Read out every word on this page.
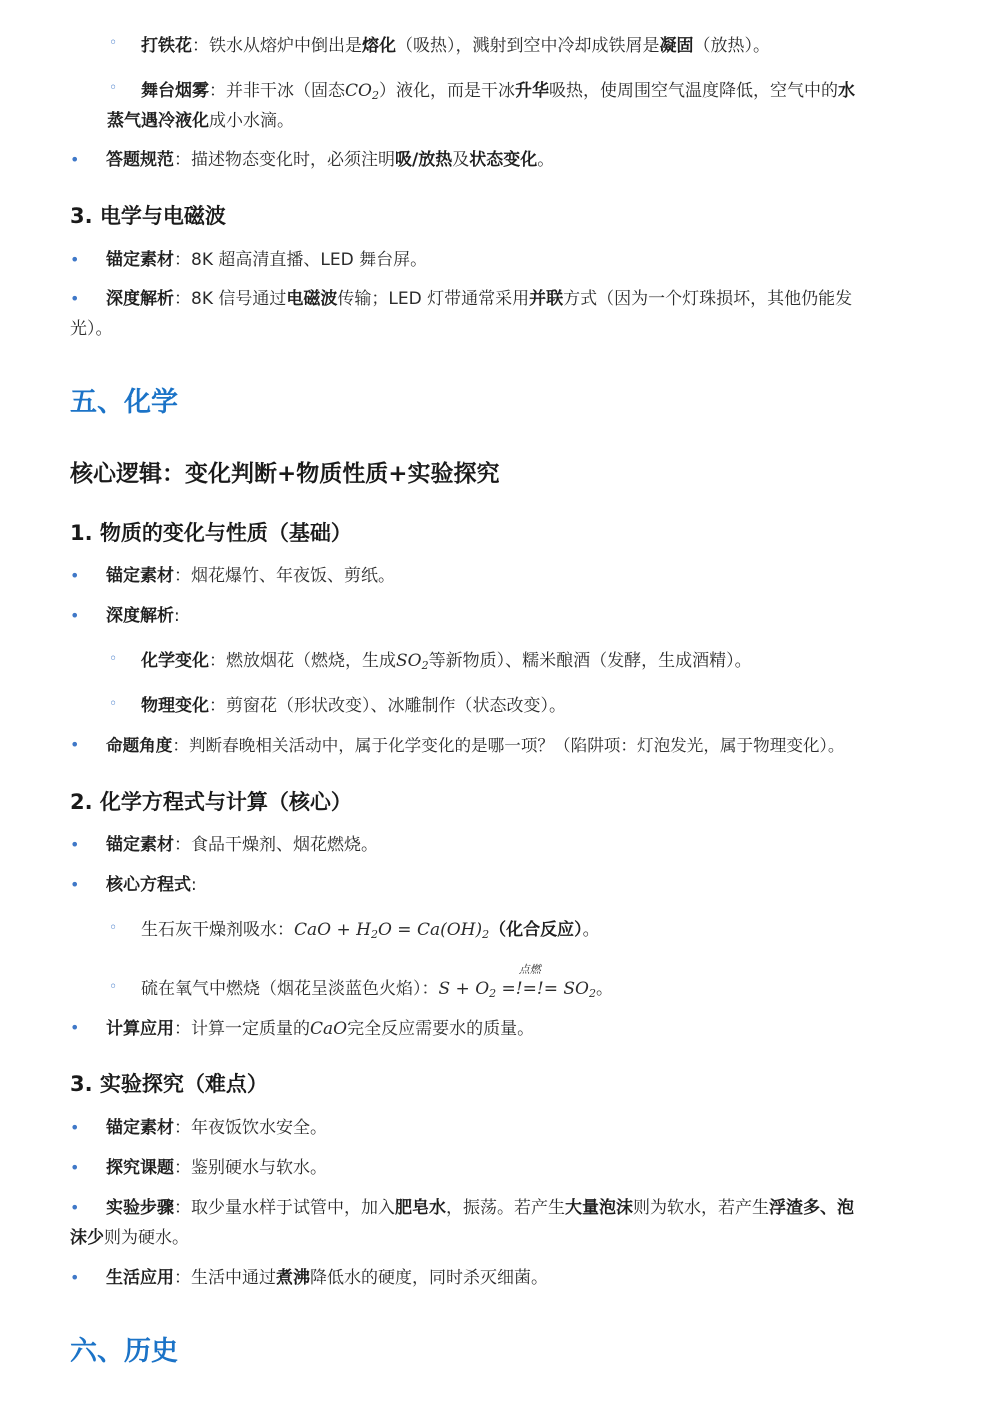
◦ 打铁花：铁水从熔炉中倒出是熔化（吸热），溅射到空中冷却成铁屑是凝固（放热）。
◦ 舞台烟雾：并非干冰（固态$CO_2$）液化，而是干冰升华吸热，使周围空气温度降低，空气中的水
蒸气遇冷液化成小水滴。
• 答题规范：描述物态变化时，必须注明吸/放热及状态变化。
3. 电学与电磁波
• 锚定素材：8K 超高清直播、LED 舞台屏。
• 深度解析：8K 信号通过电磁波传输；LED 灯带通常采用并联方式（因为一个灯珠损坏，其他仍能发
光）。
五、化学
核心逻辑：变化判断+物质性质+实验探究
1. 物质的变化与性质（基础）
• 锚定素材：烟花爆竹、年夜饭、剪纸。
• 深度解析:
◦ 化学变化：燃放烟花（燃烧，生成$SO_2$等新物质）、糯米酿酒（发酵，生成酒精）。
◦ 物理变化：剪窗花（形状改变）、冰雕制作（状态改变）。
• 命题角度：判断春晚相关活动中，属于化学变化的是哪一项？（陷阱项：灯泡发光，属于物理变化）。
2. 化学方程式与计算（核心）
• 锚定素材：食品干燥剂、烟花燃烧。
• 核心方程式:
◦ 生石灰干燥剂吸水：CaO + $H_2O = Ca(OH)_2$（化合反应）。
◦ 硫在氧气中燃烧（烟花呈淡蓝色火焰）：$S + O_2$
点燃
=!=!= $SO_2$。
• 计算应用：计算一定质量的CaO完全反应需要水的质量。
3. 实验探究（难点）
• 锚定素材：年夜饭饮水安全。
• 探究课题：鉴别硬水与软水。
• 实验步骤：取少量水样于试管中，加入肥皂水，振荡。若产生大量泡沫则为软水，若产生浮渣多、泡
沫少则为硬水。
• 生活应用：生活中通过煮沸降低水的硬度，同时杀灭细菌。
六、历史
